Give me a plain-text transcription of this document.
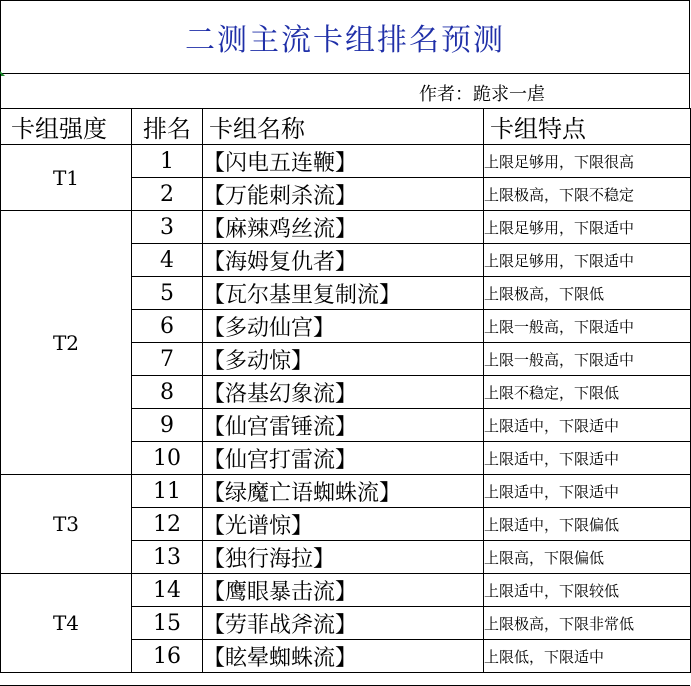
二测主流卡组排名预测
作者：跪求一虐
卡组强度	排名	卡组名称	卡组特点
T1	1	【闪电五连鞭】	上限足够用，下限很高
	2	【万能刺杀流】	上限极高，下限不稳定
T2	3	【麻辣鸡丝流】	上限足够用，下限适中
	4	【海姆复仇者】	上限足够用，下限适中
	5	【瓦尔基里复制流】	上限极高，下限低
	6	【多动仙宫】	上限一般高，下限适中
	7	【多动惊】	上限一般高，下限适中
	8	【洛基幻象流】	上限不稳定，下限低
	9	【仙宫雷锤流】	上限适中，下限适中
	10	【仙宫打雷流】	上限适中，下限适中
T3	11	【绿魔亡语蜘蛛流】	上限适中，下限适中
	12	【光谱惊】	上限适中，下限偏低
	13	【独行海拉】	上限高，下限偏低
T4	14	【鹰眼暴击流】	上限适中，下限较低
	15	【劳菲战斧流】	上限极高，下限非常低
	16	【眩晕蜘蛛流】	上限低，下限适中
